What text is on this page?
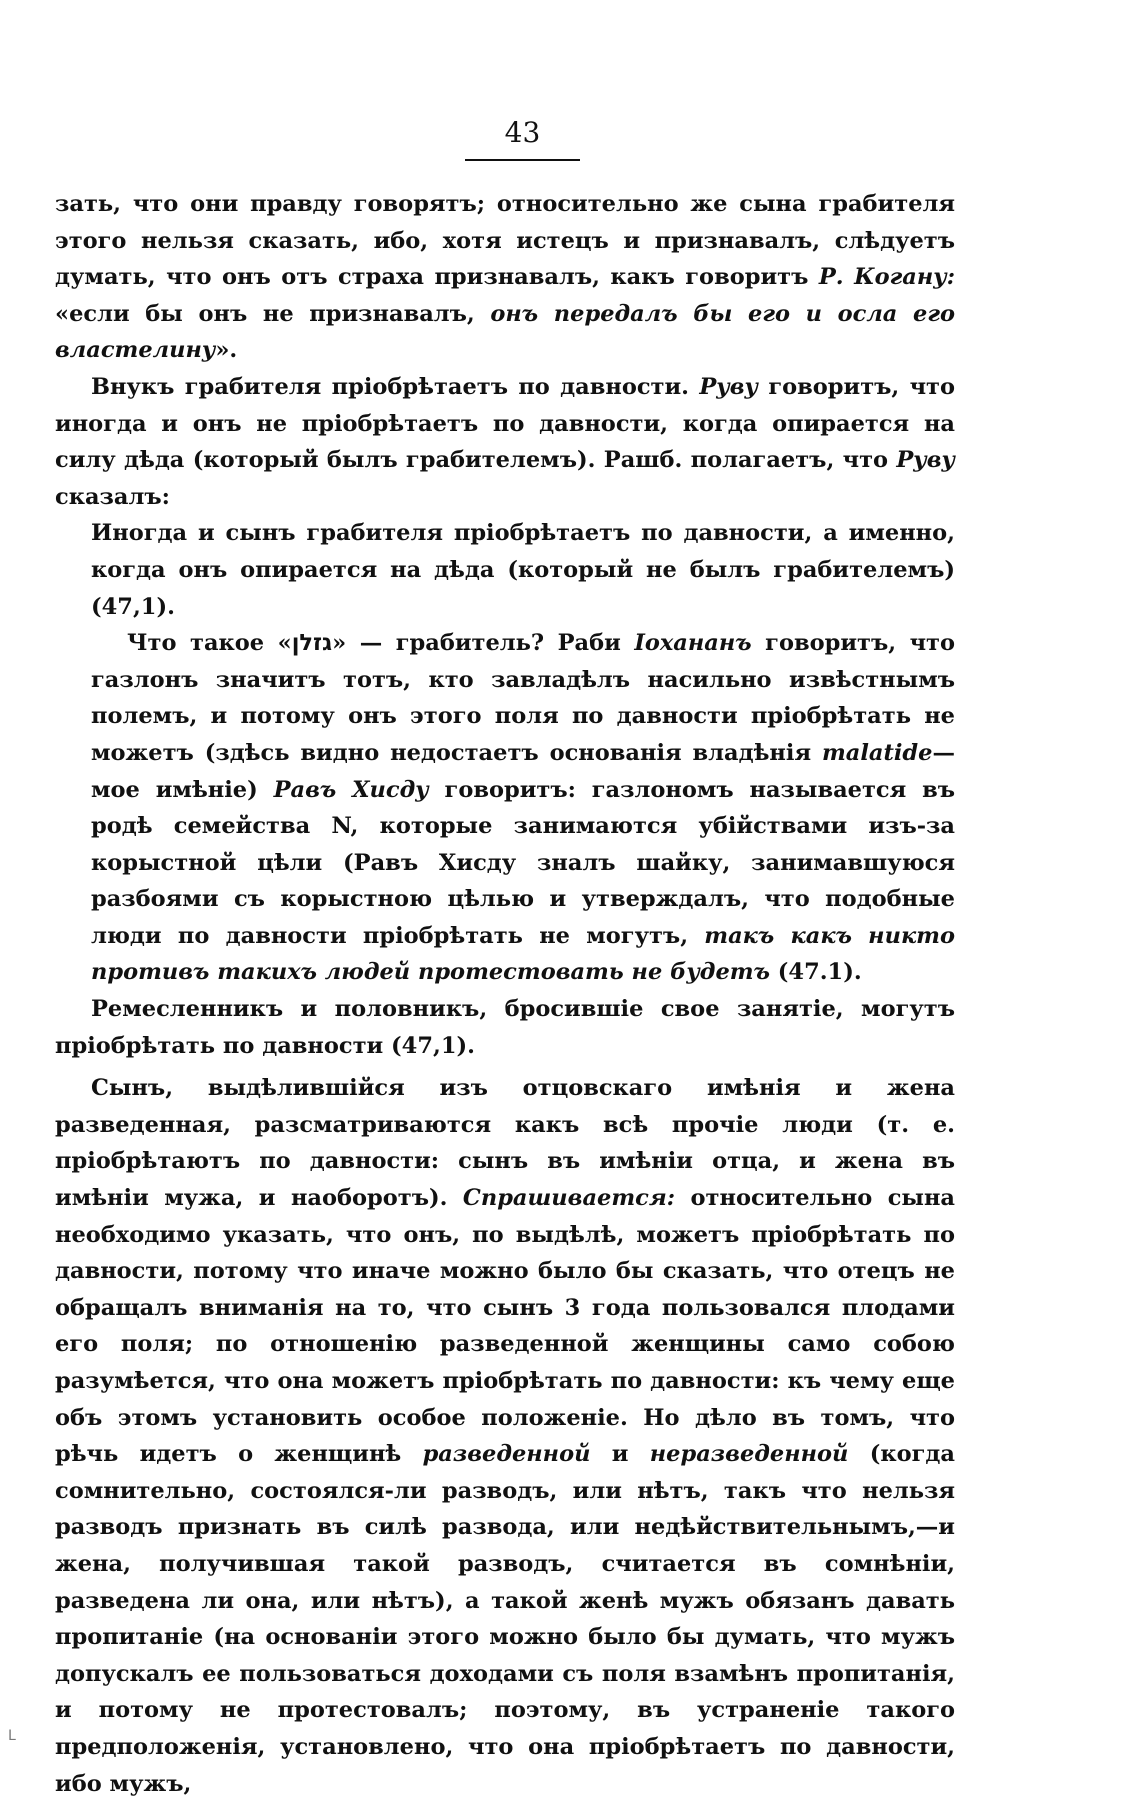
43

зать, что они правду говорятъ; относительно же сына грабителя этого нельзя сказать, ибо, хотя истецъ и признавалъ, слѣдуетъ думать, что онъ отъ страха признавалъ, какъ говоритъ Р. Когану: «если бы онъ не признавалъ, онъ передалъ бы его и осла его властелину».

Внукъ грабителя пріобрѣтаетъ по давности. Руву говоритъ, что иногда и онъ не пріобрѣтаетъ по давности, когда опирается на силу дѣда (который былъ грабителемъ). Рашб. полагаетъ, что Руву сказалъ:

Иногда и сынъ грабителя пріобрѣтаетъ по давности, а именно, когда онъ опирается на дѣда (который не былъ грабителемъ) (47,1).

Что такое «גזלן» — грабитель? Раби Іохананъ говоритъ, что газлонъ значитъ тотъ, кто завладѣлъ насильно извѣстнымъ полемъ, и потому онъ этого поля по давности пріобрѣтать не можетъ (здѣсь видно недостаетъ основанія владѣнія malatide—мое имѣніе) Равъ Хисду говоритъ: газлономъ называется въ родѣ семейства N, которые занимаются убійствами изъ-за корыстной цѣли (Равъ Хисду зналъ шайку, занимавшуюся разбоями съ корыстною цѣлью и утверждалъ, что подобные люди по давности пріобрѣтать не могутъ, такъ какъ никто противъ такихъ людей протестовать не будетъ (47.1).

Ремесленникъ и половникъ, бросившіе свое занятіе, могутъ пріобрѣтать по давности (47,1).

Сынъ, выдѣлившійся изъ отцовскаго имѣнія и жена разведенная, разсматриваются какъ всѣ прочіе люди (т. е. пріобрѣтаютъ по давности: сынъ въ имѣніи отца, и жена въ имѣніи мужа, и наоборотъ). Спрашивается: относительно сына необходимо указать, что онъ, по выдѣлѣ, можетъ пріобрѣтать по давности, потому что иначе можно было бы сказать, что отецъ не обращалъ вниманія на то, что сынъ 3 года пользовался плодами его поля; по отношенію разведенной женщины само собою разумѣется, что она можетъ пріобрѣтать по давности: къ чему еще объ этомъ установить особое положеніе. Но дѣло въ томъ, что рѣчь идетъ о женщинѣ разведенной и неразведенной (когда сомнительно, состоялся-ли разводъ, или нѣтъ, такъ что нельзя разводъ признать въ силѣ развода, или недѣйствительнымъ,—и жена, получившая такой разводъ, считается въ сомнѣніи, разведена ли она, или нѣтъ), а такой женѣ мужъ обязанъ давать пропитаніе (на основаніи этого можно было бы думать, что мужъ допускалъ ее пользоваться доходами съ поля взамѣнъ пропитанія, и потому не протестовалъ; поэтому, въ устраненіе такого предположенія, установлено, что она пріобрѣтаетъ по давности, ибо мужъ,

L
